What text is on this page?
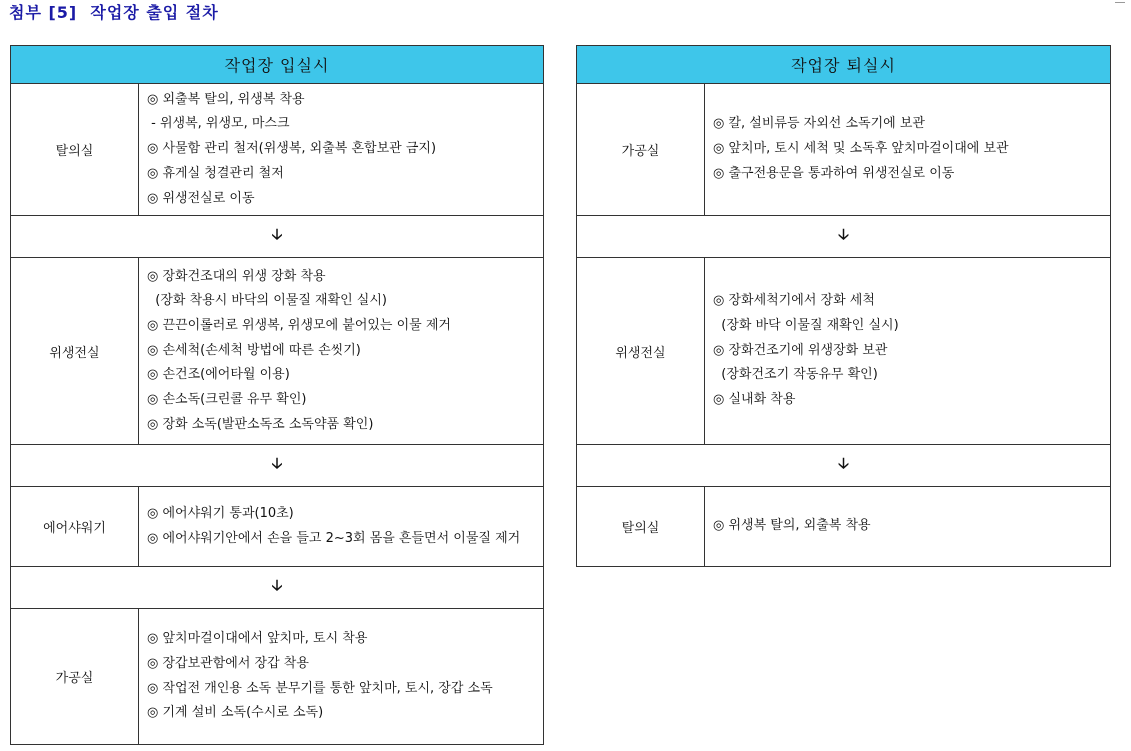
첨부 [5]  작업장 출입 절차
작업장 입실시
탈의실
◎ 외출복 탈의, 위생복 착용
- 위생복, 위생모, 마스크
◎ 사물함 관리 철저(위생복, 외출복 혼합보관 금지)
◎ 휴게실 청결관리 철저
◎ 위생전실로 이동
🡣
위생전실
◎ 장화건조대의 위생 장화 착용
(장화 착용시 바닥의 이물질 재확인 실시)
◎ 끈끈이롤러로 위생복, 위생모에 붙어있는 이물 제거
◎ 손세척(손세척 방법에 따른 손씻기)
◎ 손건조(에어타월 이용)
◎ 손소독(크린콜 유무 확인)
◎ 장화 소독(발판소독조 소독약품 확인)
🡣
에어샤워기
◎ 에어샤워기 통과(10초)
◎ 에어샤워기안에서 손을 들고 2~3회 몸을 흔들면서 이물질 제거
🡣
가공실
◎ 앞치마걸이대에서 앞치마, 토시 착용
◎ 장갑보관함에서 장갑 착용
◎ 작업전 개인용 소독 분무기를 통한 앞치마, 토시, 장갑 소독
◎ 기계 설비 소독(수시로 소독)
작업장 퇴실시
가공실
◎ 칼, 설비류등 자외선 소독기에 보관
◎ 앞치마, 토시 세척 및 소독후 앞치마걸이대에 보관
◎ 출구전용문을 통과하여 위생전실로 이동
🡣
위생전실
◎ 장화세척기에서 장화 세척
(장화 바닥 이물질 재확인 실시)
◎ 장화건조기에 위생장화 보관
(장화건조기 작동유무 확인)
◎ 실내화 착용
🡣
탈의실	◎ 위생복 탈의, 외출복 착용
